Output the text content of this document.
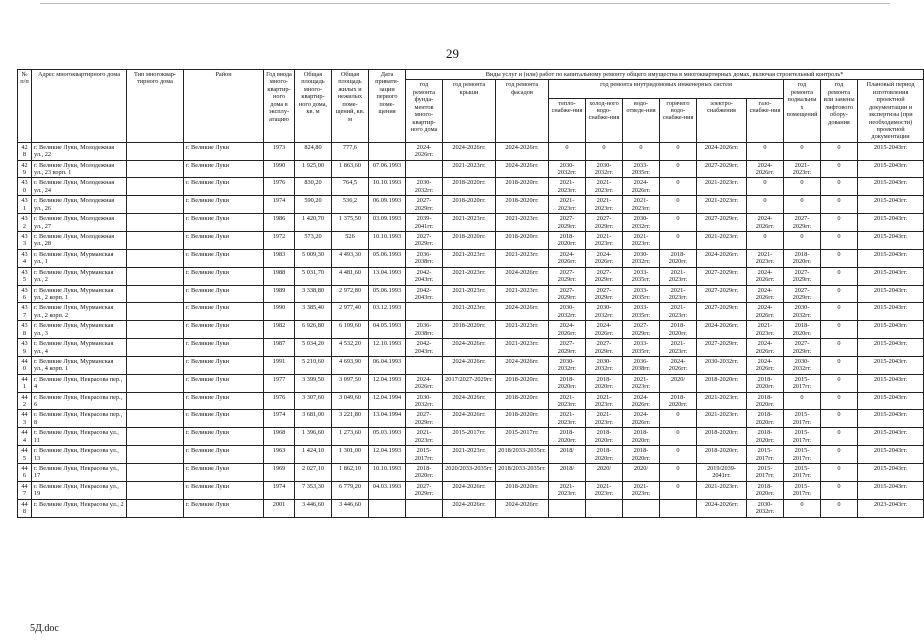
29
№ п/п	Адрес многоквартирного дома	Тип многоквар-тирного дома	Район	Год ввода много-квартир-ного дома в эксплу-атацию	Общая площадь много-квартир-ного дома, кв. м	Общая площадь жилых и нежилых поме-щений, кв. м	Дата привати-зации первого поме-щения	Виды услуг и (или) работ по капитальному ремонту общего имущества в многоквартирных домах, включая строительный контроль*											
								год ремонта фунда-ментов много-квартир-ного дома	год ремонта крыши	год ремонта фасадов	год ремонта внутридомовых инженерных систем						год ремонта подвальных помещений	год ремонта или замены лифтового обору-дования	Плановый период изготовления проектной документации и экспертизы (при необходимости) проектной документации
											тепло-снабже-ния	холод-ного водо-снабже-ния	водо-отведе-ния	горячего водо-снабже-ния	электро-снабжения	газо-снабже-ния			
428	г. Великие Луки, Молодежная ул., 22		г. Великие Луки	1973	824,80	777,6		2024-2026гг.	2024-2026гг.	2024-2026гг.	0	0	0	0	2024-2026гг.	0	0	0	2015-2043гг.
429	г. Великие Луки, Молодежная ул., 23 корп. 1		г. Великие Луки	1990	1 925,00	1 863,60	07.06.1993		2021-2023гг.	2024-2026гг.	2030-2032гг.	2030-2032гг.	2033-2035гг.	0	2027-2029гг.	2024-2026гг.	2021-2023гг.	0	2015-2043гг.
430	г. Великие Луки, Молодежная ул., 24		г. Великие Луки	1976	830,20	764,5	10.10.1993	2030-2032гг.	2018-2020гг.	2018-2020гг.	2021-2023гг.	2021-2023гг.	2024-2026гг.	0	2021-2023гг.	0	0	0	2015-2043гг.
431	г. Великие Луки, Молодежная ул., 26		г. Великие Луки	1974	590,20	536,2	06.09.1993	2027-2029гг.	2018-2020гг.	2018-2020гг.	2021-2023гг.	2021-2023гг.	2021-2023гг.	0	2021-2023гг.	0	0	0	2015-2043гг.
432	г. Великие Луки, Молодежная ул., 27		г. Великие Луки	1986	1 420,70	1 375,50	03.09.1993	2039-2041гг.	2021-2023гг.	2021-2023гг.	2027-2029гг.	2027-2029гг.	2030-2032гг.	0	2027-2029гг.	2024-2026гг.	2027-2029гг.	0	2015-2043гг.
433	г. Великие Луки, Молодежная ул., 28		г. Великие Луки	1972	573,20	526	10.10.1993	2027-2029гг.	2018-2020гг.	2018-2020гг.	2018-2020гг.	2021-2023гг.	2021-2023гг.	0	2021-2023гг.	0	0	0	2015-2043гг.
434	г. Великие Луки, Мурманская ул., 1		г. Великие Луки	1983	5 009,30	4 493,30	05.06.1993	2036-2038гг.	2021-2023гг.	2021-2023гг.	2024-2026гг.	2024-2026гг.	2030-2032гг.	2018-2020гг.	2024-2026гг.	2021-2023гг.	2018-2020гг.	0	2015-2043гг.
435	г. Великие Луки, Мурманская ул., 2		г. Великие Луки	1988	5 031,70	4 481,60	13.04.1993	2042-2043гг.	2021-2023гг.	2024-2026гг.	2027-2029гг.	2027-2029гг.	2033-2035гг.	2021-2023гг.	2027-2029гг.	2024-2026гг.	2027-2029гг.	0	2015-2043гг.
436	г. Великие Луки, Мурманская ул., 2 корп. 1		г. Великие Луки	1989	3 338,80	2 972,80	05.06.1993	2042-2043гг.	2021-2023гг.	2021-2023гг.	2027-2029гг.	2027-2029гг.	2033-2035гг.	2021-2023гг.	2027-2029гг.	2024-2026гг.	2027-2029гг.	0	2015-2043гг.
437	г. Великие Луки, Мурманская ул., 2 корп. 2		г. Великие Луки	1990	3 385,40	2 977,40	03.12.1993		2021-2023гг.	2024-2026гг.	2030-2032гг.	2030-2032гг.	2033-2035гг.	2021-2023гг.	2027-2029гг.	2024-2026гг.	2030-2032гг.	0	2015-2043гг.
438	г. Великие Луки, Мурманская ул., 3		г. Великие Луки	1982	6 926,80	6 109,60	04.05.1993	2036-2038гг.	2018-2020гг.	2021-2023гг.	2024-2026гг.	2024-2026гг.	2027-2029гг.	2018-2020гг.	2024-2026гг.	2021-2023гг.	2018-2020гг.	0	2015-2043гг.
439	г. Великие Луки, Мурманская ул., 4		г. Великие Луки	1987	5 034,20	4 532,20	12.10.1993	2042-2043гг.	2024-2026гг.	2021-2023гг.	2027-2029гг.	2027-2029гг.	2033-2035гг.	2021-2023гг.	2027-2029гг.	2024-2026гг.	2027-2029гг.	0	2015-2043гг.
440	г. Великие Луки, Мурманская ул., 4 корп. 1		г. Великие Луки	1991	5 210,60	4 693,90	06.04.1993		2024-2026гг.	2024-2026гг.	2030-2032гг.	2030-2032гг.	2036-2038гг.	2024-2026гг.	2030-2032гг.	2024-2026гг.	2030-2032гг.	0	2015-2043гг.
441	г. Великие Луки, Некрасова пер., 4		г. Великие Луки	1977	3 399,50	3 097,50	12.04.1993	2024-2026гг.	2017/2027-2029гг.	2018-2020гг.	2018-2020гг.	2018-2020гг.	2021-2023гг.	2020/	2018-2020гг.	2018-2020гг.	2015-2017гг.	0	2015-2043гг.
442	г. Великие Луки, Некрасова пер., 6		г. Великие Луки	1976	3 307,60	3 049,60	12.04.1994	2030-2032гг.	2024-2026гг.	2018-2020гг.	2021-2023гг.	2021-2023гг.	2024-2026гг.	2018-2020гг.	2021-2023гг.	2018-2020гг.	0	0	2015-2043гг.
443	г. Великие Луки, Некрасова пер., 8		г. Великие Луки	1974	3 681,00	3 221,80	13.04.1994	2027-2029гг.	2024-2026гг.	2018-2020гг.	2021-2023гг.	2021-2023гг.	2024-2026гг.	0	2021-2023гг.	2018-2020гг.	2015-2017гг.	0	2015-2043гг.
444	г. Великие Луки, Некрасова ул., 11		г. Великие Луки	1968	1 396,60	1 273,60	05.03.1993	2021-2023гг.	2015-2017гг.	2015-2017гг.	2018-2020гг.	2018-2020гг.	2018-2020гг.	0	2018-2020гг.	2018-2020гг.	2015-2017гг.	0	2015-2043гг.
445	г. Великие Луки, Некрасова ул., 13		г. Великие Луки	1963	1 424,10	1 301,00	12.04.1993	2015-2017гг.	2021-2023гг.	2018/2033-2035гг.	2018/	2018-2020гг.	2018-2020гг.	0	2018-2020гг.	2015-2017гг.	2015-2017гг.	0	2015-2043гг.
446	г. Великие Луки, Некрасова ул., 17		г. Великие Луки	1969	2 027,10	1 862,10	10.10.1993	2018-2020гг.	2020/2033-2035гг.	2018/2033-2035гг.	2018/	2020/	2020/	0	2019/2039-2041гг.	2015-2017гг.	2015-2017гг.	0	2015-2043гг.
447	г. Великие Луки, Некрасова ул., 19		г. Великие Луки	1974	7 353,30	6 779,20	04.03.1993	2027-2029гг.	2024-2026гг.	2018-2020гг.	2021-2023гг.	2021-2023гг.	2021-2023гг.	0	2021-2023гг.	2018-2020гг.	2015-2017гг.	0	2015-2043гг.
448	г. Великие Луки, Некрасова ул., 2		г. Великие Луки	2001	3 446,60	3 446,60			2024-2026гг.	2024-2026гг.					2024-2026гг.	2030-2032гг.	0	0	2023-2043гг.
5Д.doc
